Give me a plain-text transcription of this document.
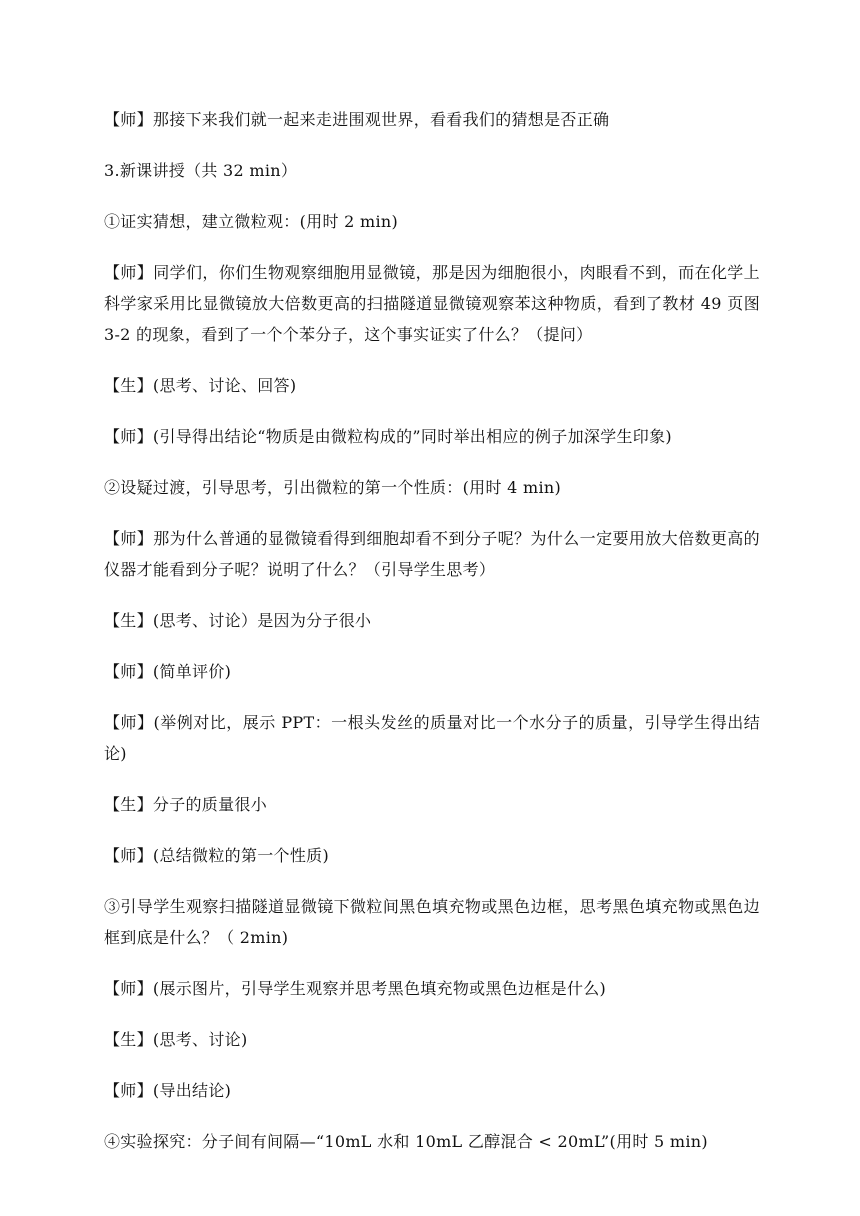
【师】那接下来我们就一起来走进围观世界，看看我们的猜想是否正确

3.新课讲授（共 32 min）

①证实猜想，建立微粒观：(用时 2 min)

【师】同学们，你们生物观察细胞用显微镜，那是因为细胞很小，肉眼看不到，而在化学上科学家采用比显微镜放大倍数更高的扫描隧道显微镜观察苯这种物质，看到了教材 49 页图 3-2 的现象，看到了一个个苯分子，这个事实证实了什么？（提问）

【生】(思考、讨论、回答)

【师】(引导得出结论“物质是由微粒构成的”同时举出相应的例子加深学生印象)

②设疑过渡，引导思考，引出微粒的第一个性质：(用时 4 min)

【师】那为什么普通的显微镜看得到细胞却看不到分子呢？为什么一定要用放大倍数更高的仪器才能看到分子呢？说明了什么？（引导学生思考）

【生】(思考、讨论）是因为分子很小

【师】(简单评价)

【师】(举例对比，展示 PPT：一根头发丝的质量对比一个水分子的质量，引导学生得出结论)

【生】分子的质量很小

【师】(总结微粒的第一个性质)

③引导学生观察扫描隧道显微镜下微粒间黑色填充物或黑色边框，思考黑色填充物或黑色边框到底是什么？（ 2min)

【师】(展示图片，引导学生观察并思考黑色填充物或黑色边框是什么)

【生】(思考、讨论)

【师】(导出结论)

④实验探究：分子间有间隔—“10mL 水和 10mL 乙醇混合 < 20mL”(用时 5 min)
